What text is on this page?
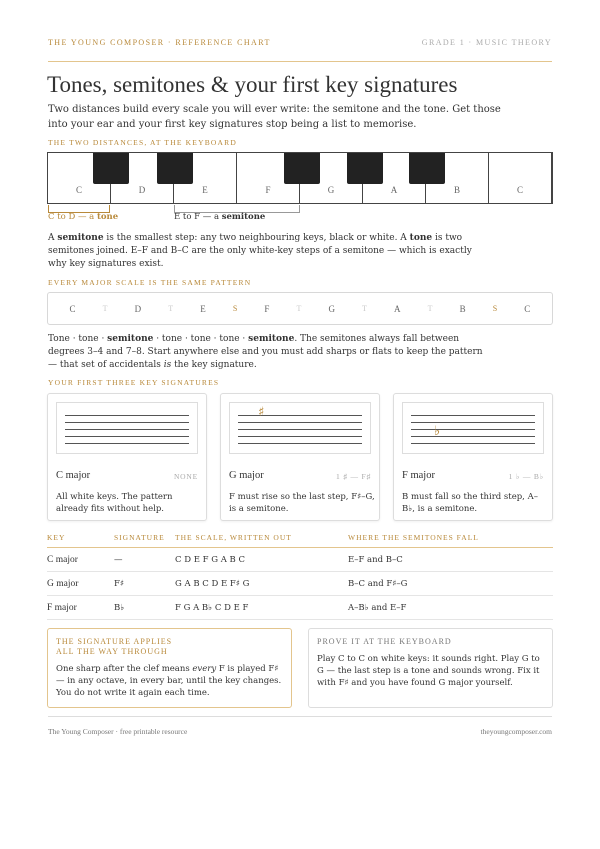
THE YOUNG COMPOSER · REFERENCE CHART	GRADE 1 · MUSIC THEORY
Tones, semitones & your first key signatures

Two distances build every scale you will ever write: the semitone and the tone. Get those into your ear and your first key signatures stop being a list to memorise.

THE TWO DISTANCES, AT THE KEYBOARD
C	D	E	F	G	A	B	C
C to D — a tone	E to F — a semitone

A semitone is the smallest step: any two neighbouring keys, black or white. A tone is two semitones joined. E–F and B–C are the only white-key steps of a semitone — which is exactly why key signatures exist.

EVERY MAJOR SCALE IS THE SAME PATTERN
C	T	D	T	E	S	F	T	G	T	A	T	B	S	C

Tone · tone · semitone · tone · tone · tone · semitone. The semitones always fall between degrees 3–4 and 7–8. Start anywhere else and you must add sharps or flats to keep the pattern — that set of accidentals is the key signature.

YOUR FIRST THREE KEY SIGNATURES
C major	NONE
All white keys. The pattern already fits without help.
♯
G major	1 ♯ — F♯
F must rise so the last step, F♯–G, is a semitone.
♭
F major	1 ♭ — B♭
B must fall so the third step, A–B♭, is a semitone.
KEY	SIGNATURE	THE SCALE, WRITTEN OUT	WHERE THE SEMITONES FALL
C major	—	C D E F G A B C	E–F and B–C
G major	F♯	G A B C D E F♯ G	B–C and F♯–G
F major	B♭	F G A B♭ C D E F	A–B♭ and E–F
THE SIGNATURE APPLIES
ALL THE WAY THROUGH

One sharp after the clef means every F is played F♯ — in any octave, in every bar, until the key changes. You do not write it again each time.

PROVE IT AT THE KEYBOARD

Play C to C on white keys: it sounds right. Play G to G — the last step is a tone and sounds wrong. Fix it with F♯ and you have found G major yourself.

The Young Composer · free printable resource	theyoungcomposer.com
